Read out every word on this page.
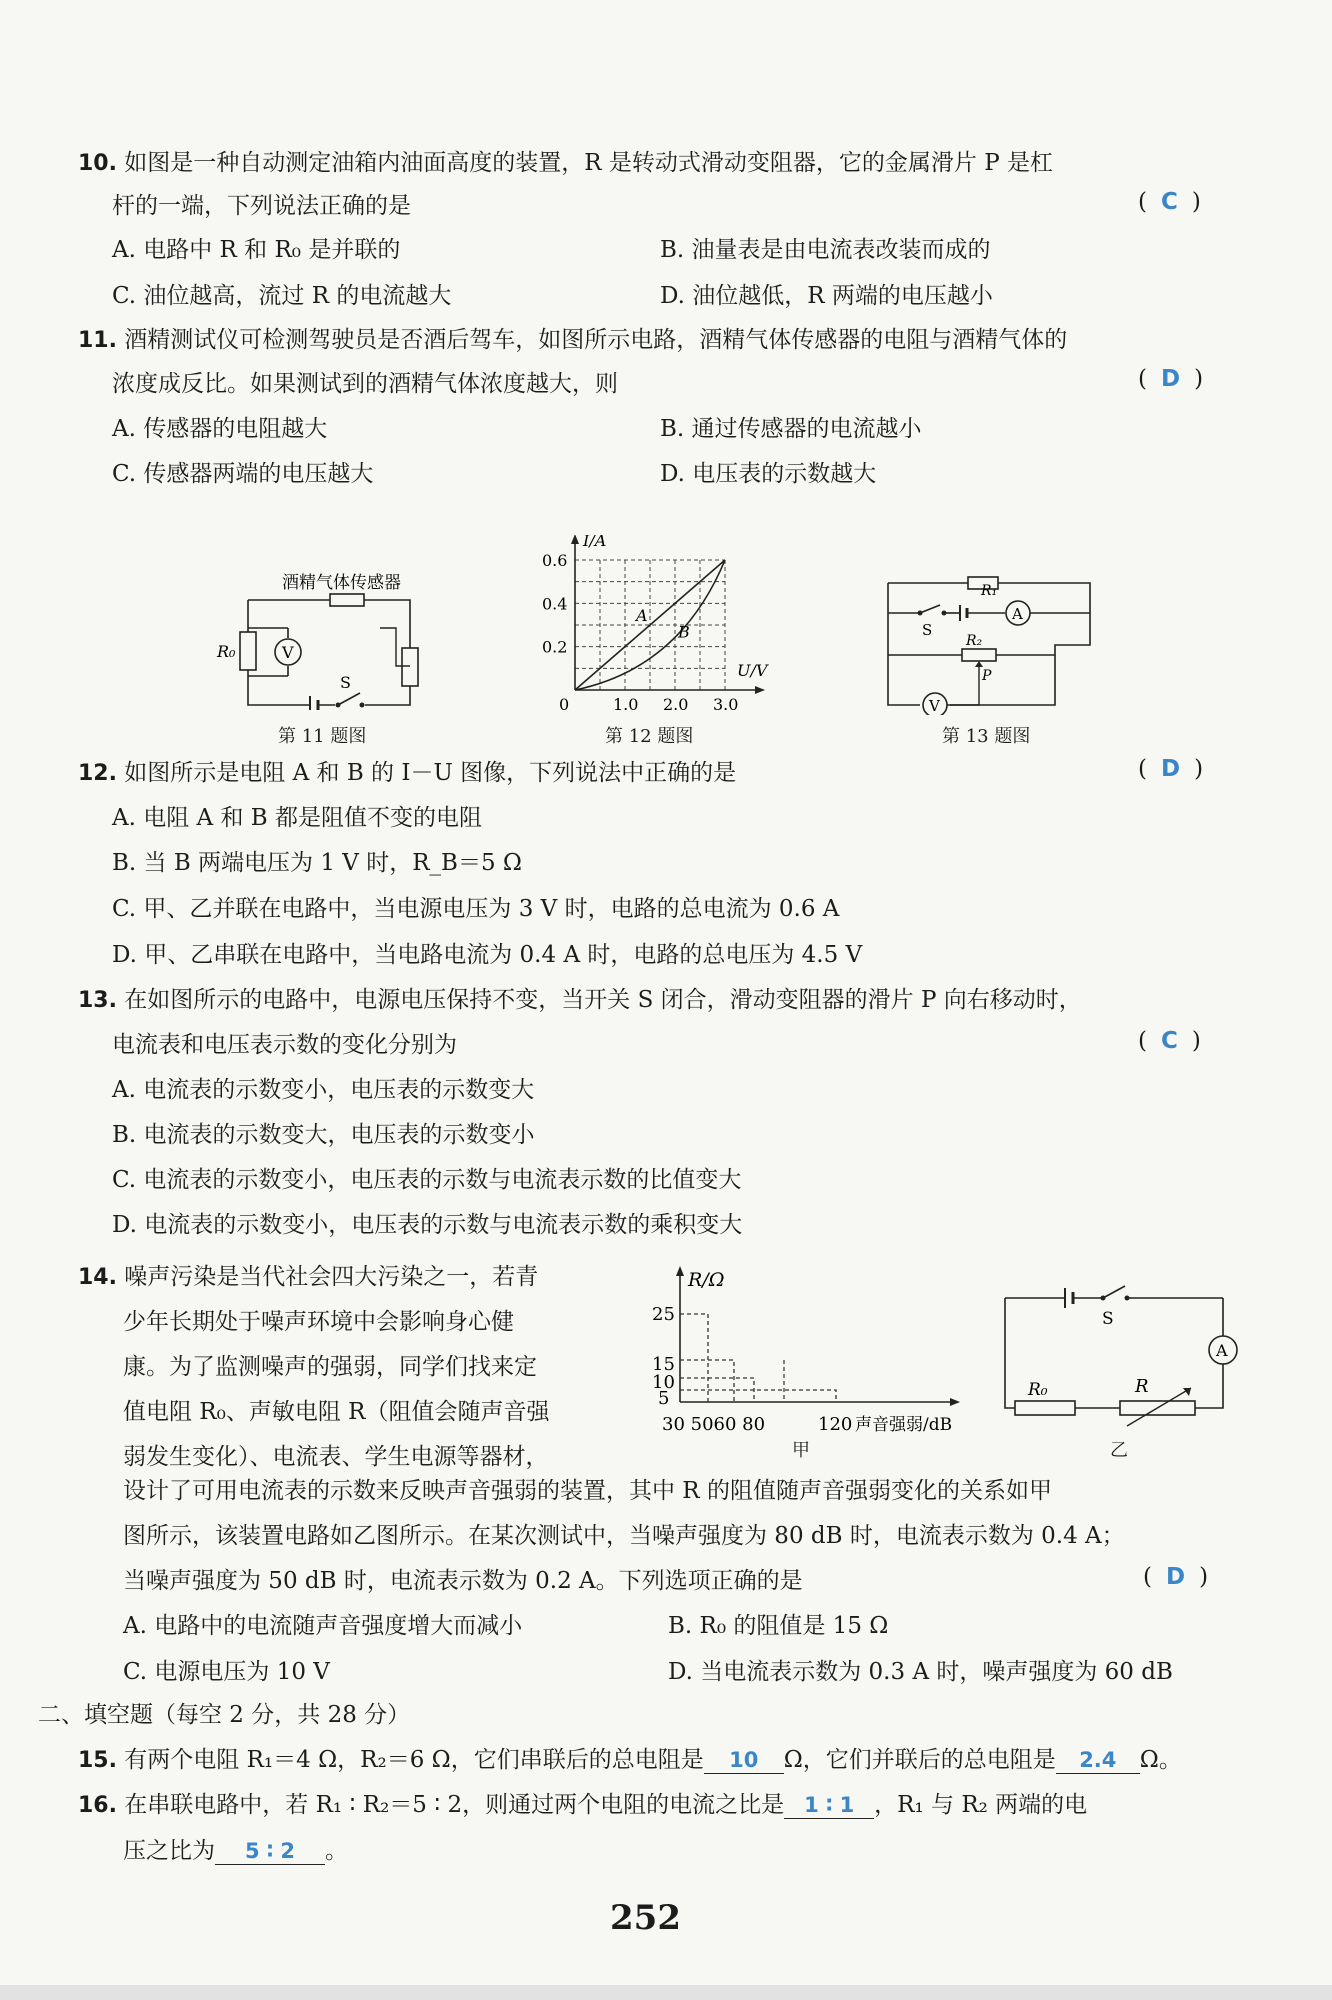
10. 如图是一种自动测定油箱内油面高度的装置，R 是转动式滑动变阻器，它的金属滑片 P 是杠
杆的一端，下列说法正确的是	( C )
A. 电路中 R 和 R₀ 是并联的	B. 油量表是由电流表改装而成的
C. 油位越高，流过 R 的电流越大	D. 油位越低，R 两端的电压越小
11. 酒精测试仪可检测驾驶员是否酒后驾车，如图所示电路，酒精气体传感器的电阻与酒精气体的
浓度成反比。如果测试到的酒精气体浓度越大，则	( D )
A. 传感器的电阻越大	B. 通过传感器的电流越小
C. 传感器两端的电压越大	D. 电压表的示数越大
酒精气体传感器
R₀	V
S
第 11 题图
I/A
U/V
0.6
0.4
0.2
1.0 2.0 3.0
0
A
B
第 12 题图
A
V
R₁
R₂
S
P
第 13 题图
12. 如图所示是电阻 A 和 B 的 I－U 图像，下列说法中正确的是	( D )
A. 电阻 A 和 B 都是阻值不变的电阻
B. 当 B 两端电压为 1 V 时，R_B＝5 Ω
C. 甲、乙并联在电路中，当电源电压为 3 V 时，电路的总电流为 0.6 A
D. 甲、乙串联在电路中，当电路电流为 0.4 A 时，电路的总电压为 4.5 V
13. 在如图所示的电路中，电源电压保持不变，当开关 S 闭合，滑动变阻器的滑片 P 向右移动时，
电流表和电压表示数的变化分别为	( C )
A. 电流表的示数变小，电压表的示数变大
B. 电流表的示数变大，电压表的示数变小
C. 电流表的示数变小，电压表的示数与电流表示数的比值变大
D. 电流表的示数变小，电压表的示数与电流表示数的乘积变大
14. 噪声污染是当代社会四大污染之一，若青
少年长期处于噪声环境中会影响身心健
康。为了监测噪声的强弱，同学们找来定
值电阻 R₀、声敏电阻 R（阻值会随声音强
弱发生变化）、电流表、学生电源等器材，
R/Ω
25
15
10
5
30 5060 80	120 声音强弱/dB
甲
S
A
R₀	R
乙
设计了可用电流表的示数来反映声音强弱的装置，其中 R 的阻值随声音强弱变化的关系如甲
图所示，该装置电路如乙图所示。在某次测试中，当噪声强度为 80 dB 时，电流表示数为 0.4 A；
当噪声强度为 50 dB 时，电流表示数为 0.2 A。下列选项正确的是	( D )
A. 电路中的电流随声音强度增大而减小	B. R₀ 的阻值是 15 Ω
C. 电源电压为 10 V	D. 当电流表示数为 0.3 A 时，噪声强度为 60 dB
二、填空题（每空 2 分，共 28 分）
15. 有两个电阻 R₁＝4 Ω，R₂＝6 Ω，它们串联后的总电阻是 10 Ω，它们并联后的总电阻是 2.4 Ω。
16. 在串联电路中，若 R₁ ∶ R₂＝5 ∶ 2，则通过两个电阻的电流之比是 1 ∶ 1 ，R₁ 与 R₂ 两端的电
压之比为 5 ∶ 2 。
252
